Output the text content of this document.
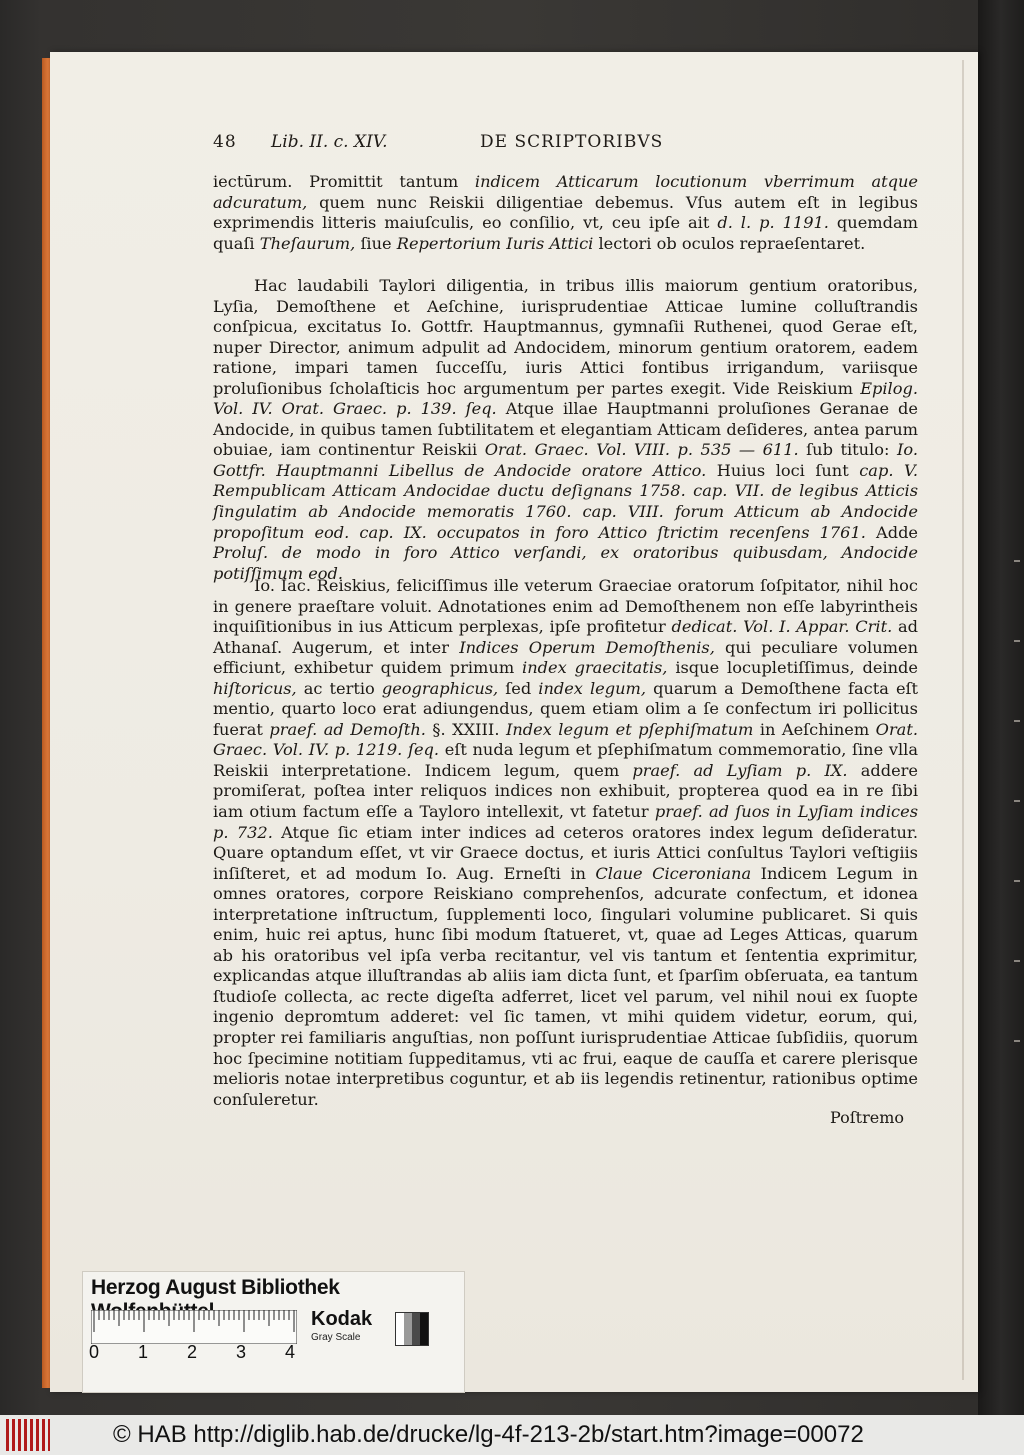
48 Lib. II. c. XIV.	DE SCRIPTORIBVS
iectūrum. Promittit tantum indicem Atticarum locutionum vberrimum atque adcuratum, quem nunc Reiskii diligentiae debemus. Vſus autem eſt in legibus exprimendis litteris maiuſculis, eo conſilio, vt, ceu ipſe ait d. l. p. 1191. quemdam quaſi Theſaurum, ſiue Repertorium Iuris Attici lectori ob oculos repraeſentaret.
Hac laudabili Taylori diligentia, in tribus illis maiorum gentium oratoribus, Lyſia, Demoſthene et Aeſchine, iurisprudentiae Atticae lumine colluſtrandis conſpicua, excitatus Io. Gottfr. Hauptmannus, gymnaſii Ruthenei, quod Gerae eſt, nuper Director, animum adpulit ad Andocidem, minorum gentium oratorem, eadem ratione, impari tamen ſucceſſu, iuris Attici fontibus irrigandum, variisque proluſionibus ſcholaſticis hoc argumentum per partes exegit. Vide Reiskium Epilog. Vol. IV. Orat. Graec. p. 139. ſeq. Atque illae Hauptmanni proluſiones Geranae de Andocide, in quibus tamen ſubtilitatem et elegantiam Atticam deſideres, antea parum obuiae, iam continentur Reiskii Orat. Graec. Vol. VIII. p. 535 — 611. ſub titulo: Io. Gottfr. Hauptmanni Libellus de Andocide oratore Attico. Huius loci ſunt cap. V. Rempublicam Atticam Andocidae ductu deſignans 1758. cap. VII. de legibus Atticis ſingulatim ab Andocide memoratis 1760. cap. VIII. forum Atticum ab Andocide propoſitum eod. cap. IX. occupatos in foro Attico ſtrictim recenſens 1761. Adde Proluſ. de modo in foro Attico verſandi, ex oratoribus quibusdam, Andocide potiſſimum eod.
Io. Iac. Reiskius, feliciſſimus ille veterum Graeciae oratorum ſoſpitator, nihil hoc in genere praeſtare voluit. Adnotationes enim ad Demoſthenem non eſſe labyrintheis inquiſitionibus in ius Atticum perplexas, ipſe profitetur dedicat. Vol. I. Appar. Crit. ad Athanaſ. Augerum, et inter Indices Operum Demoſthenis, qui peculiare volumen efficiunt, exhibetur quidem primum index graecitatis, isque locupletiſſimus, deinde hiſtoricus, ac tertio geographicus, ſed index legum, quarum a Demoſthene facta eſt mentio, quarto loco erat adiungendus, quem etiam olim a ſe confectum iri pollicitus fuerat praef. ad Demoſth. §. XXIII. Index legum et pſephiſmatum in Aeſchinem Orat. Graec. Vol. IV. p. 1219. ſeq. eſt nuda legum et pſephiſmatum commemoratio, ſine vlla Reiskii interpretatione. Indicem legum, quem praef. ad Lyſiam p. IX. addere promiſerat, poſtea inter reliquos indices non exhibuit, propterea quod ea in re ſibi iam otium factum eſſe a Tayloro intellexit, vt fatetur praef. ad ſuos in Lyſiam indices p. 732. Atque ſic etiam inter indices ad ceteros oratores index legum deſideratur. Quare optandum eſſet, vt vir Graece doctus, et iuris Attici conſultus Taylori veſtigiis inſiſteret, et ad modum Io. Aug. Erneſti in Claue Ciceroniana Indicem Legum in omnes oratores, corpore Reiskiano comprehenſos, adcurate confectum, et idonea interpretatione inſtructum, ſupplementi loco, ſingulari volumine publicaret. Si quis enim, huic rei aptus, hunc ſibi modum ſtatueret, vt, quae ad Leges Atticas, quarum ab his oratoribus vel ipſa verba recitantur, vel vis tantum et ſententia exprimitur, explicandas atque illuſtrandas ab aliis iam dicta ſunt, et ſparſim obſeruata, ea tantum ſtudioſe collecta, ac recte digeſta adferret, licet vel parum, vel nihil noui ex ſuopte ingenio depromtum adderet: vel ſic tamen, vt mihi quidem videtur, eorum, qui, propter rei familiaris anguſtias, non poſſunt iurisprudentiae Atticae ſubſidiis, quorum hoc ſpecimine notitiam ſuppeditamus, vti ac frui, eaque de cauſſa et carere plerisque melioris notae interpretibus coguntur, et ab iis legendis retinentur, rationibus optime conſuleretur.
Poſtremo
Herzog August Bibliothek
0 1 2 3 4
Kodak
Gray Scale
© HAB http://diglib.hab.de/drucke/lg-4f-213-2b/start.htm?image=00072
